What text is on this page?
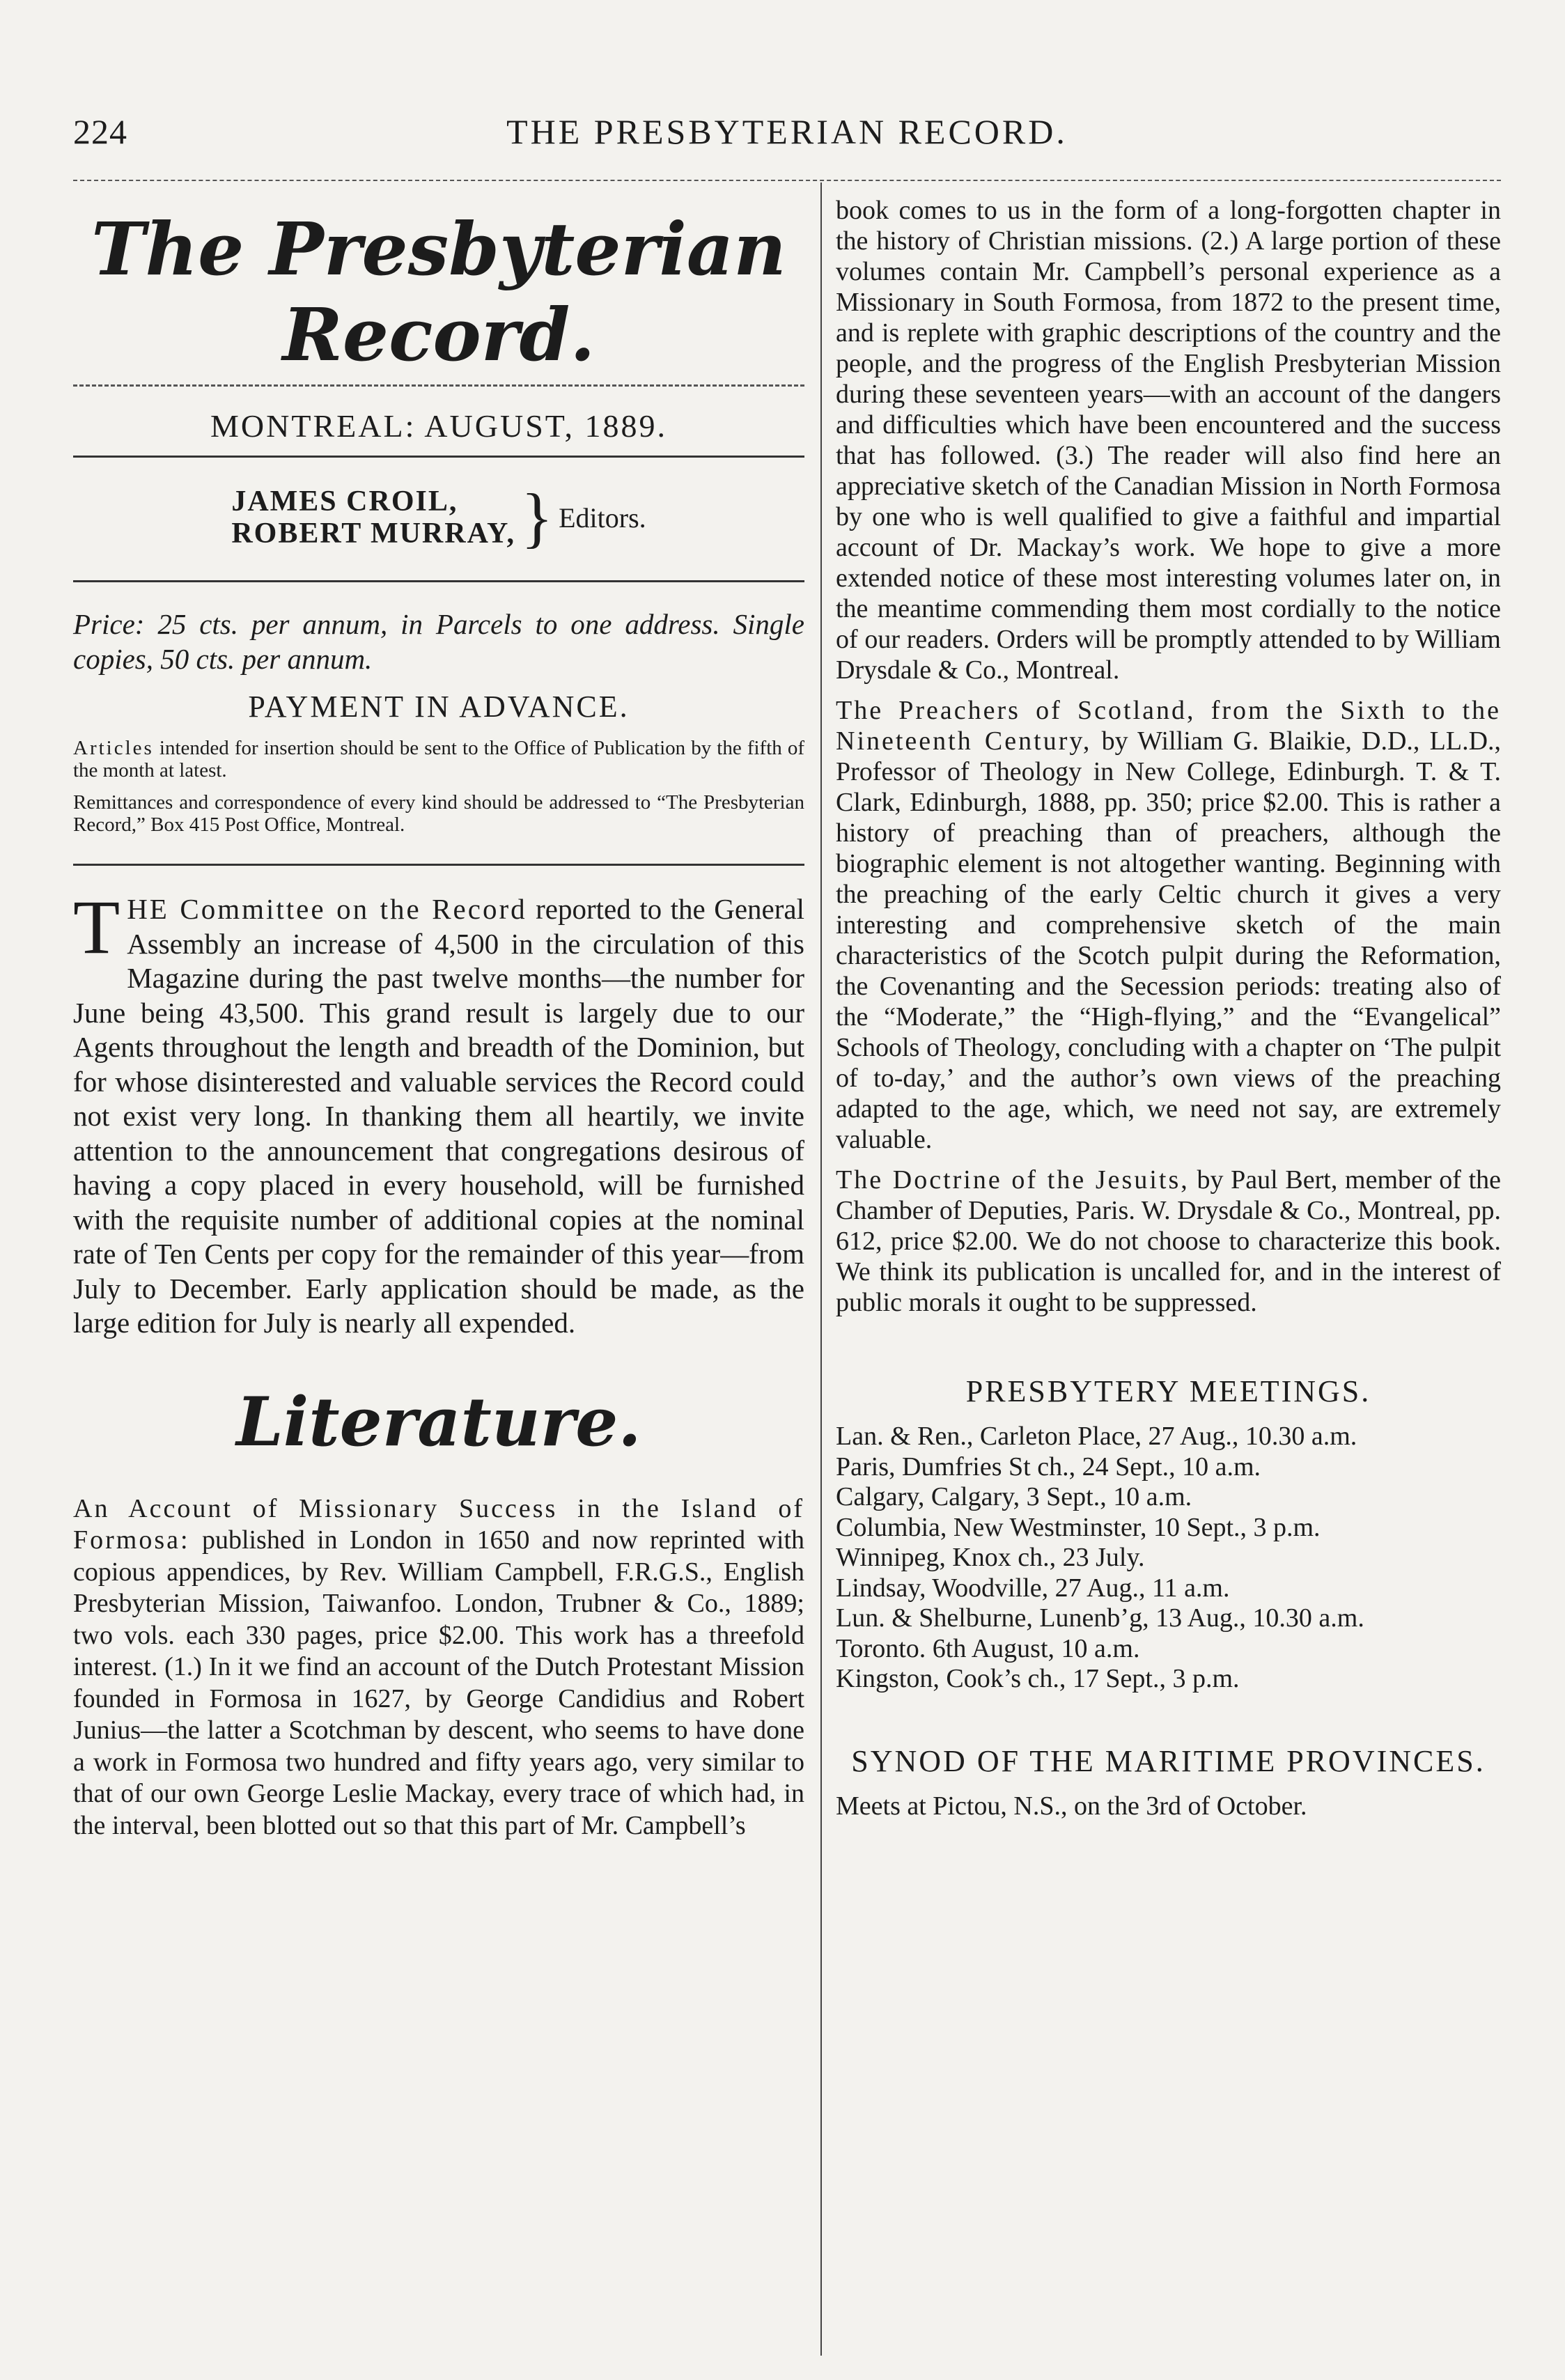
224	THE PRESBYTERIAN RECORD.
The Presbyterian Record.
MONTREAL: AUGUST, 1889.
JAMES CROIL,
ROBERT MURRAY, } Editors.

Price: 25 cts. per annum, in Parcels to one address. Single copies, 50 cts. per annum.

PAYMENT IN ADVANCE.

Articles intended for insertion should be sent to the Office of Publication by the fifth of the month at latest.

Remittances and correspondence of every kind should be addressed to “The Presbyterian Record,” Box 415 Post Office, Montreal.

T HE Committee on the Record reported to the General Assembly an increase of 4,500 in the circulation of this Magazine during the past twelve months—the number for June being 43,500. This grand result is largely due to our Agents throughout the length and breadth of the Dominion, but for whose disinterested and valuable services the Record could not exist very long. In thanking them all heartily, we invite attention to the announcement that congregations desirous of having a copy placed in every household, will be furnished with the requisite number of additional copies at the nominal rate of Ten Cents per copy for the remainder of this year—from July to December. Early application should be made, as the large edition for July is nearly all expended.

Literature.

An Account of Missionary Success in the Island of Formosa: published in London in 1650 and now reprinted with copious appendices, by Rev. William Campbell, F.R.G.S., English Presbyterian Mission, Taiwanfoo. London, Trubner & Co., 1889; two vols. each 330 pages, price $2.00. This work has a threefold interest. (1.) In it we find an account of the Dutch Protestant Mission founded in Formosa in 1627, by George Candidius and Robert Junius—the latter a Scotchman by descent, who seems to have done a work in Formosa two hundred and fifty years ago, very similar to that of our own George Leslie Mackay, every trace of which had, in the interval, been blotted out so that this part of Mr. Campbell’s

book comes to us in the form of a long-forgotten chapter in the history of Christian missions. (2.) A large portion of these volumes contain Mr. Campbell’s personal experience as a Missionary in South Formosa, from 1872 to the present time, and is replete with graphic descriptions of the country and the people, and the progress of the English Presbyterian Mission during these seventeen years—with an account of the dangers and difficulties which have been encountered and the success that has followed. (3.) The reader will also find here an appreciative sketch of the Canadian Mission in North Formosa by one who is well qualified to give a faithful and impartial account of Dr. Mackay’s work. We hope to give a more extended notice of these most interesting volumes later on, in the meantime commending them most cordially to the notice of our readers. Orders will be promptly attended to by William Drysdale & Co., Montreal.

The Preachers of Scotland, from the Sixth to the Nineteenth Century, by William G. Blaikie, D.D., LL.D., Professor of Theology in New College, Edinburgh. T. & T. Clark, Edinburgh, 1888, pp. 350; price $2.00. This is rather a history of preaching than of preachers, although the biographic element is not altogether wanting. Beginning with the preaching of the early Celtic church it gives a very interesting and comprehensive sketch of the main characteristics of the Scotch pulpit during the Reformation, the Covenanting and the Secession periods: treating also of the “Moderate,” the “High-flying,” and the “Evangelical” Schools of Theology, concluding with a chapter on ‘The pulpit of to-day,’ and the author’s own views of the preaching adapted to the age, which, we need not say, are extremely valuable.

The Doctrine of the Jesuits, by Paul Bert, member of the Chamber of Deputies, Paris. W. Drysdale & Co., Montreal, pp. 612, price $2.00. We do not choose to characterize this book. We think its publication is uncalled for, and in the interest of public morals it ought to be suppressed.

PRESBYTERY MEETINGS.

Lan. & Ren., Carleton Place, 27 Aug., 10.30 a.m.

Paris, Dumfries St ch., 24 Sept., 10 a.m.

Calgary, Calgary, 3 Sept., 10 a.m.

Columbia, New Westminster, 10 Sept., 3 p.m.

Winnipeg, Knox ch., 23 July.

Lindsay, Woodville, 27 Aug., 11 a.m.

Lun. & Shelburne, Lunenb’g, 13 Aug., 10.30 a.m.

Toronto. 6th August, 10 a.m.

Kingston, Cook’s ch., 17 Sept., 3 p.m.

SYNOD OF THE MARITIME PROVINCES.

Meets at Pictou, N.S., on the 3rd of October.
